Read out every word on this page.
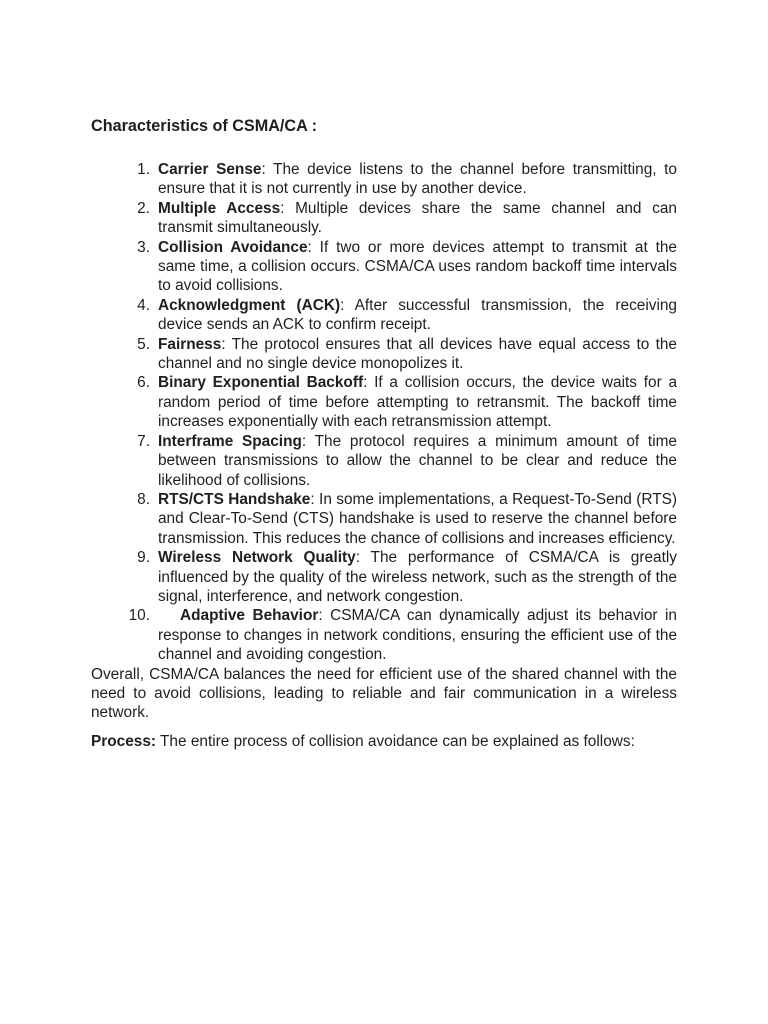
Characteristics of CSMA/CA :
1. Carrier Sense: The device listens to the channel before transmitting, to ensure that it is not currently in use by another device.
2. Multiple Access: Multiple devices share the same channel and can transmit simultaneously.
3. Collision Avoidance: If two or more devices attempt to transmit at the same time, a collision occurs. CSMA/CA uses random backoff time intervals to avoid collisions.
4. Acknowledgment (ACK): After successful transmission, the receiving device sends an ACK to confirm receipt.
5. Fairness: The protocol ensures that all devices have equal access to the channel and no single device monopolizes it.
6. Binary Exponential Backoff: If a collision occurs, the device waits for a random period of time before attempting to retransmit. The backoff time increases exponentially with each retransmission attempt.
7. Interframe Spacing: The protocol requires a minimum amount of time between transmissions to allow the channel to be clear and reduce the likelihood of collisions.
8. RTS/CTS Handshake: In some implementations, a Request-To-Send (RTS) and Clear-To-Send (CTS) handshake is used to reserve the channel before transmission. This reduces the chance of collisions and increases efficiency.
9. Wireless Network Quality: The performance of CSMA/CA is greatly influenced by the quality of the wireless network, such as the strength of the signal, interference, and network congestion.
10. Adaptive Behavior: CSMA/CA can dynamically adjust its behavior in response to changes in network conditions, ensuring the efficient use of the channel and avoiding congestion.

Overall, CSMA/CA balances the need for efficient use of the shared channel with the need to avoid collisions, leading to reliable and fair communication in a wireless network.

Process: The entire process of collision avoidance can be explained as follows:
